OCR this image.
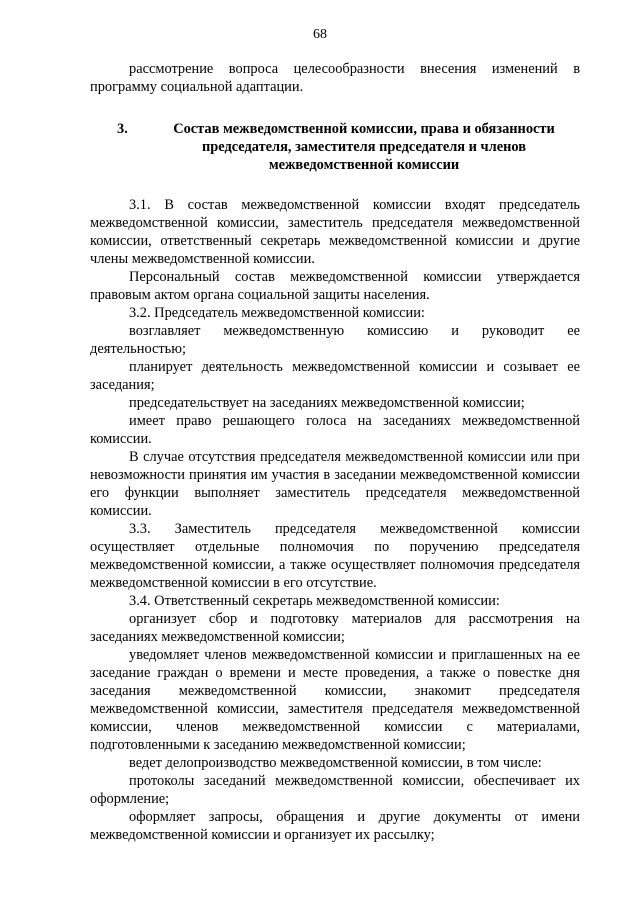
68

рассмотрение вопроса целесообразности внесения изменений в программу социальной адаптации.

3.	Состав межведомственной комиссии, права и обязанности председателя, заместителя председателя и членов межведомственной комиссии

3.1. В состав межведомственной комиссии входят председатель межведомственной комиссии, заместитель председателя межведомственной комиссии, ответственный секретарь межведомственной комиссии и другие члены межведомственной комиссии.

Персональный состав межведомственной комиссии утверждается правовым актом органа социальной защиты населения.

3.2. Председатель межведомственной комиссии:

возглавляет межведомственную комиссию и руководит ее деятельностью;

планирует деятельность межведомственной комиссии и созывает ее заседания;

председательствует на заседаниях межведомственной комиссии;

имеет право решающего голоса на заседаниях межведомственной комиссии.

В случае отсутствия председателя межведомственной комиссии или при невозможности принятия им участия в заседании межведомственной комиссии его функции выполняет заместитель председателя межведомственной комиссии.

3.3. Заместитель председателя межведомственной комиссии осуществляет отдельные полномочия по поручению председателя межведомственной комиссии, а также осуществляет полномочия председателя межведомственной комиссии в его отсутствие.

3.4. Ответственный секретарь межведомственной комиссии:

организует сбор и подготовку материалов для рассмотрения на заседаниях межведомственной комиссии;

уведомляет членов межведомственной комиссии и приглашенных на ее заседание граждан о времени и месте проведения, а также о повестке дня заседания межведомственной комиссии, знакомит председателя межведомственной комиссии, заместителя председателя межведомственной комиссии, членов межведомственной комиссии с материалами, подготовленными к заседанию межведомственной комиссии;

ведет делопроизводство межведомственной комиссии, в том числе:

протоколы заседаний межведомственной комиссии, обеспечивает их оформление;

оформляет запросы, обращения и другие документы от имени межведомственной комиссии и организует их рассылку;
